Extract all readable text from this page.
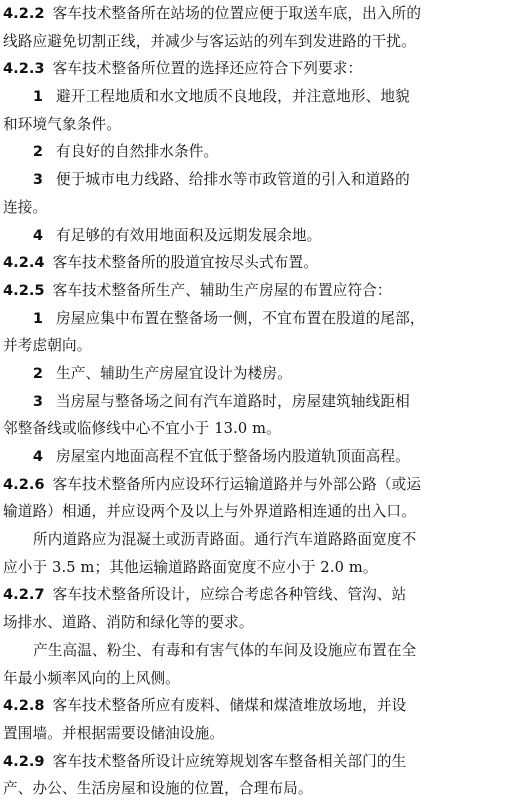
4.2.2 客车技术整备所在站场的位置应便于取送车底，出入所的
线路应避免切割正线，并减少与客运站的列车到发进路的干扰。
4.2.3 客车技术整备所位置的选择还应符合下列要求：
1 避开工程地质和水文地质不良地段，并注意地形、地貌
和环境气象条件。
2 有良好的自然排水条件。
3 便于城市电力线路、给排水等市政管道的引入和道路的
连接。
4 有足够的有效用地面积及远期发展余地。
4.2.4 客车技术整备所的股道宜按尽头式布置。
4.2.5 客车技术整备所生产、辅助生产房屋的布置应符合：
1 房屋应集中布置在整备场一侧，不宜布置在股道的尾部，
并考虑朝向。
2 生产、辅助生产房屋宜设计为楼房。
3 当房屋与整备场之间有汽车道路时，房屋建筑轴线距相
邻整备线或临修线中心不宜小于 13.0 m。
4 房屋室内地面高程不宜低于整备场内股道轨顶面高程。
4.2.6 客车技术整备所内应设环行运输道路并与外部公路（或运
输道路）相通，并应设两个及以上与外界道路相连通的出入口。
所内道路应为混凝土或沥青路面。通行汽车道路路面宽度不
应小于 3.5 m；其他运输道路路面宽度不应小于 2.0 m。
4.2.7 客车技术整备所设计，应综合考虑各种管线、管沟、站
场排水、道路、消防和绿化等的要求。
产生高温、粉尘、有毒和有害气体的车间及设施应布置在全
年最小频率风向的上风侧。
4.2.8 客车技术整备所应有废料、储煤和煤渣堆放场地，并设
置围墙。并根据需要设储油设施。
4.2.9 客车技术整备所设计应统筹规划客车整备相关部门的生
产、办公、生活房屋和设施的位置，合理布局。
